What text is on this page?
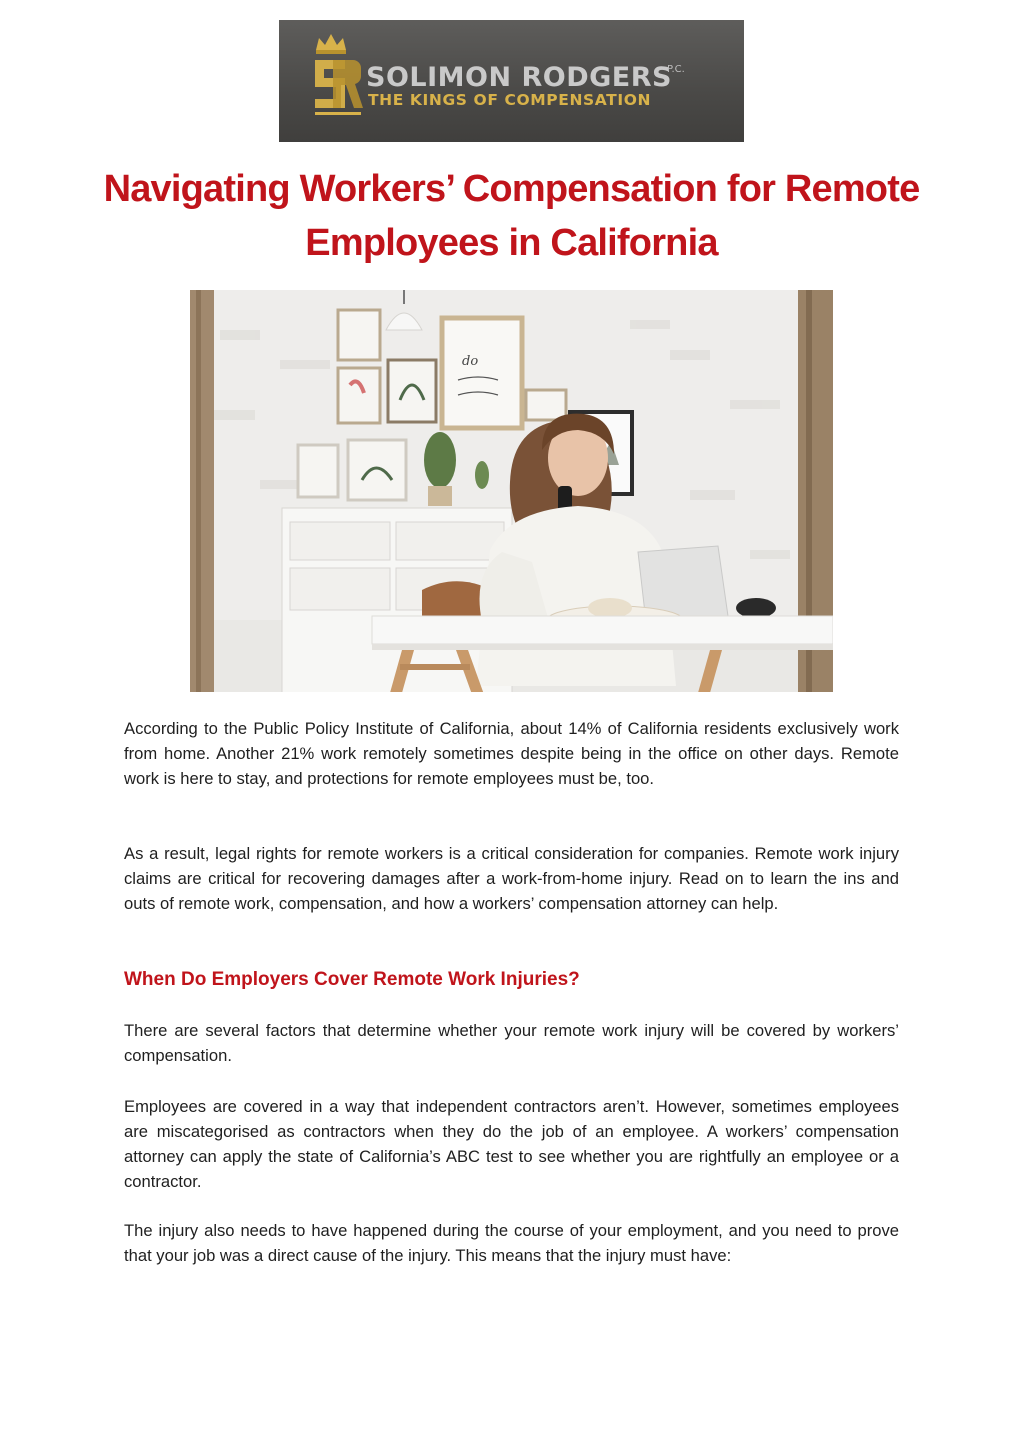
SOLIMON RODGERS
P.C.
THE KINGS OF COMPENSATION
Navigating Workers’ Compensation for Remote Employees in California
do

According to the Public Policy Institute of California, about 14% of California residents exclusively work from home. Another 21% work remotely sometimes despite being in the office on other days. Remote work is here to stay, and protections for remote employees must be, too.

As a result, legal rights for remote workers is a critical consideration for companies. Remote work injury claims are critical for recovering damages after a work-from-home injury. Read on to learn the ins and outs of remote work, compensation, and how a workers’ compensation attorney can help.

When Do Employers Cover Remote Work Injuries?

There are several factors that determine whether your remote work injury will be covered by workers’ compensation.

Employees are covered in a way that independent contractors aren’t. However, sometimes employees are miscategorised as contractors when they do the job of an employee. A workers’ compensation attorney can apply the state of California’s ABC test to see whether you are rightfully an employee or a contractor.

The injury also needs to have happened during the course of your employment, and you need to prove that your job was a direct cause of the injury. This means that the injury must have:
